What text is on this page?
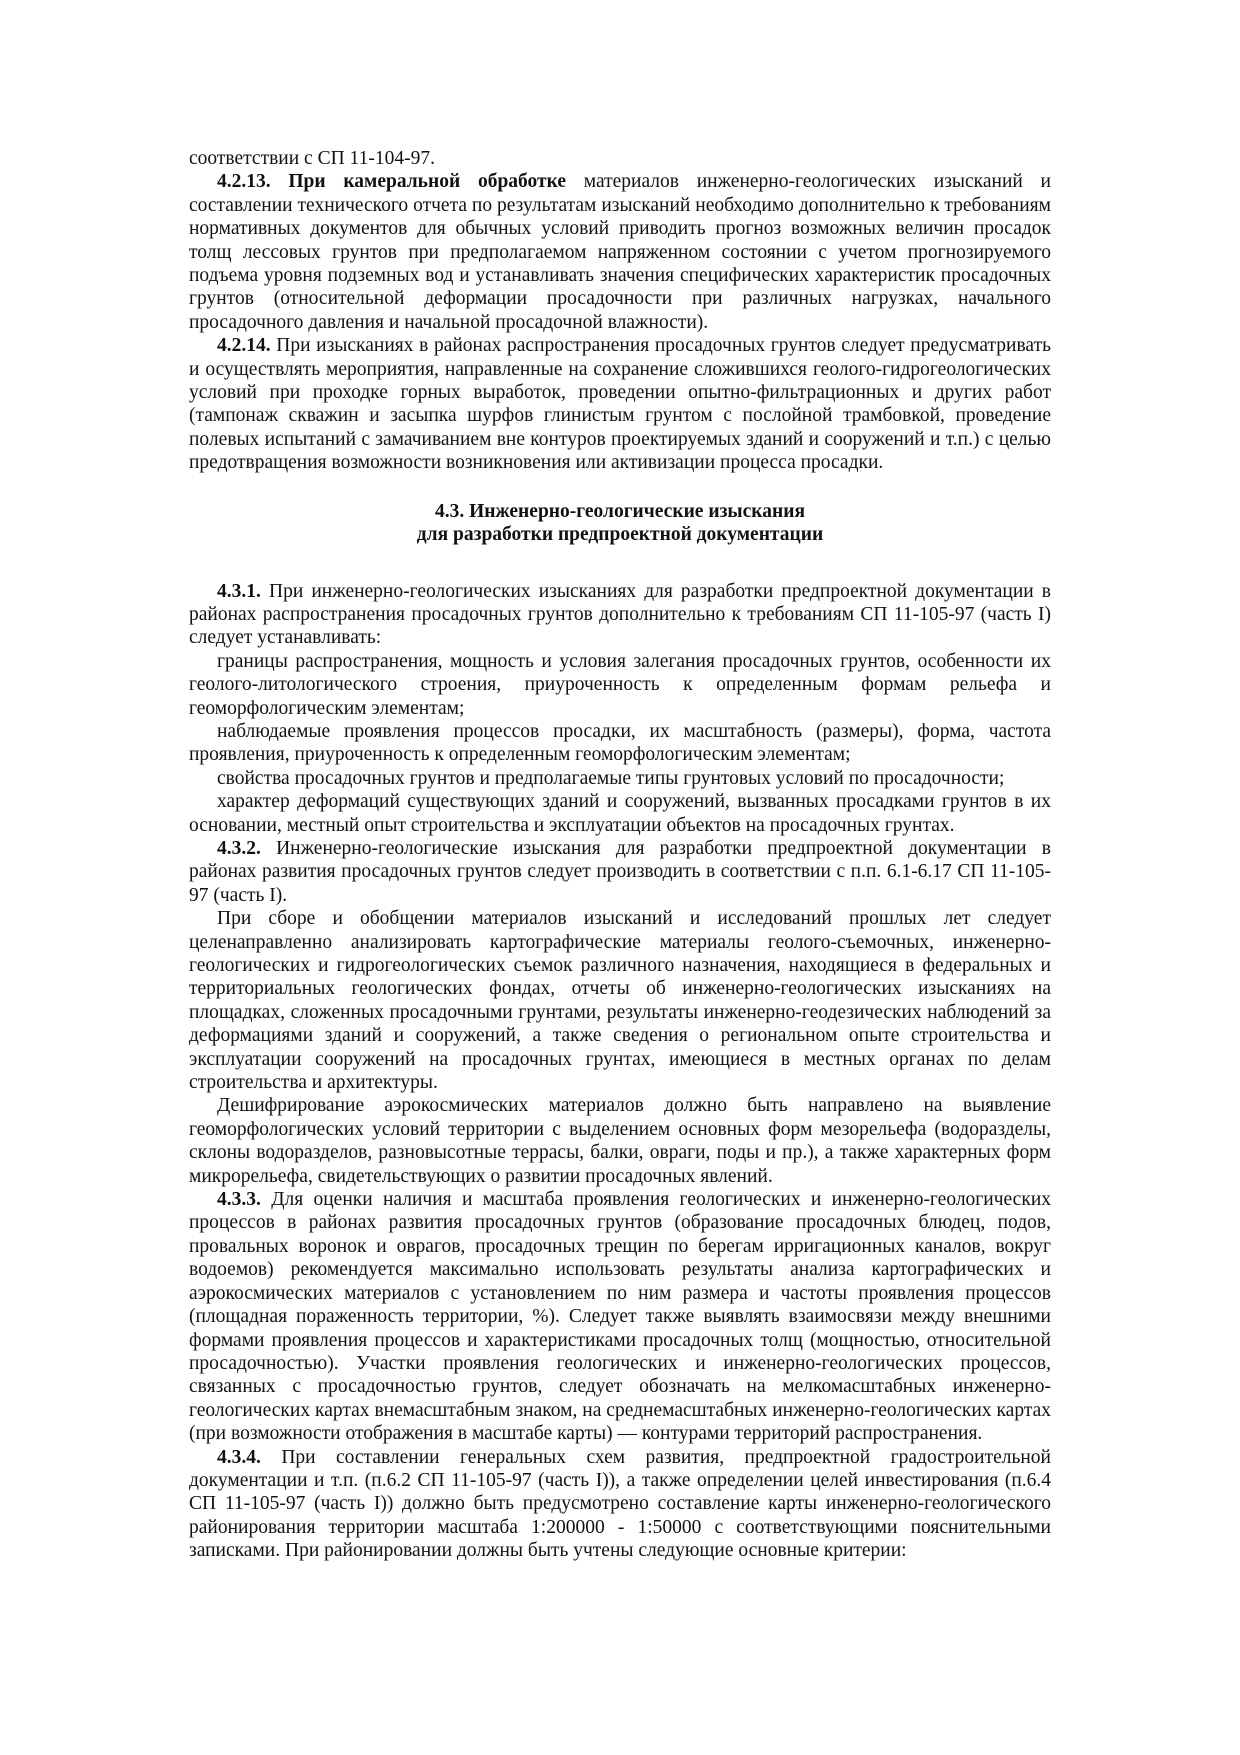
соответствии с СП 11-104-97.

4.2.13. При камеральной обработке материалов инженерно-геологических изысканий и составлении технического отчета по результатам изысканий необходимо дополнительно к требованиям нормативных документов для обычных условий приводить прогноз возможных величин просадок толщ лессовых грунтов при предполагаемом напряженном состоянии с учетом прогнозируемого подъема уровня подземных вод и устанавливать значения специфических характеристик просадочных грунтов (относительной деформации просадочности при различных нагрузках, начального просадочного давления и начальной просадочной влажности).

4.2.14. При изысканиях в районах распространения просадочных грунтов следует предусматривать и осуществлять мероприятия, направленные на сохранение сложившихся геолого-гидрогеологических условий при проходке горных выработок, проведении опытно-фильтрационных и других работ (тампонаж скважин и засыпка шурфов глинистым грунтом с послойной трамбовкой, проведение полевых испытаний с замачиванием вне контуров проектируемых зданий и сооружений и т.п.) с целью предотвращения возможности возникновения или активизации процесса просадки.

4.3. Инженерно-геологические изыскания
для разработки предпроектной документации

4.3.1. При инженерно-геологических изысканиях для разработки предпроектной документации в районах распространения просадочных грунтов дополнительно к требованиям СП 11-105-97 (часть I) следует устанавливать:

границы распространения, мощность и условия залегания просадочных грунтов, особенности их геолого-литологического строения, приуроченность к определенным формам рельефа и геоморфологическим элементам;

наблюдаемые проявления процессов просадки, их масштабность (размеры), форма, частота проявления, приуроченность к определенным геоморфологическим элементам;

свойства просадочных грунтов и предполагаемые типы грунтовых условий по просадочности;

характер деформаций существующих зданий и сооружений, вызванных просадками грунтов в их основании, местный опыт строительства и эксплуатации объектов на просадочных грунтах.

4.3.2. Инженерно-геологические изыскания для разработки предпроектной документации в районах развития просадочных грунтов следует производить в соответствии с п.п. 6.1-6.17 СП 11-105-97 (часть I).

При сборе и обобщении материалов изысканий и исследований прошлых лет следует целенаправленно анализировать картографические материалы геолого-съемочных, инженерно-геологических и гидрогеологических съемок различного назначения, находящиеся в федеральных и территориальных геологических фондах, отчеты об инженерно-геологических изысканиях на площадках, сложенных просадочными грунтами, результаты инженерно-геодезических наблюдений за деформациями зданий и сооружений, а также сведения о региональном опыте строительства и эксплуатации сооружений на просадочных грунтах, имеющиеся в местных органах по делам строительства и архитектуры.

Дешифрирование аэрокосмических материалов должно быть направлено на выявление геоморфологических условий территории с выделением основных форм мезорельефа (водоразделы, склоны водоразделов, разновысотные террасы, балки, овраги, поды и пр.), а также характерных форм микрорельефа, свидетельствующих о развитии просадочных явлений.

4.3.3. Для оценки наличия и масштаба проявления геологических и инженерно-геологических процессов в районах развития просадочных грунтов (образование просадочных блюдец, подов, провальных воронок и оврагов, просадочных трещин по берегам ирригационных каналов, вокруг водоемов) рекомендуется максимально использовать результаты анализа картографических и аэрокосмических материалов с установлением по ним размера и частоты проявления процессов (площадная пораженность территории, %). Следует также выявлять взаимосвязи между внешними формами проявления процессов и характеристиками просадочных толщ (мощностью, относительной просадочностью). Участки проявления геологических и инженерно-геологических процессов, связанных с просадочностью грунтов, следует обозначать на мелкомасштабных инженерно-геологических картах внемасштабным знаком, на среднемасштабных инженерно-геологических картах (при возможности отображения в масштабе карты) — контурами территорий распространения.

4.3.4. При составлении генеральных схем развития, предпроектной градостроительной документации и т.п. (п.6.2 СП 11-105-97 (часть I)), а также определении целей инвестирования (п.6.4 СП 11-105-97 (часть I)) должно быть предусмотрено составление карты инженерно-геологического районирования территории масштаба 1:200000 - 1:50000 с соответствующими пояснительными записками. При районировании должны быть учтены следующие основные критерии:
